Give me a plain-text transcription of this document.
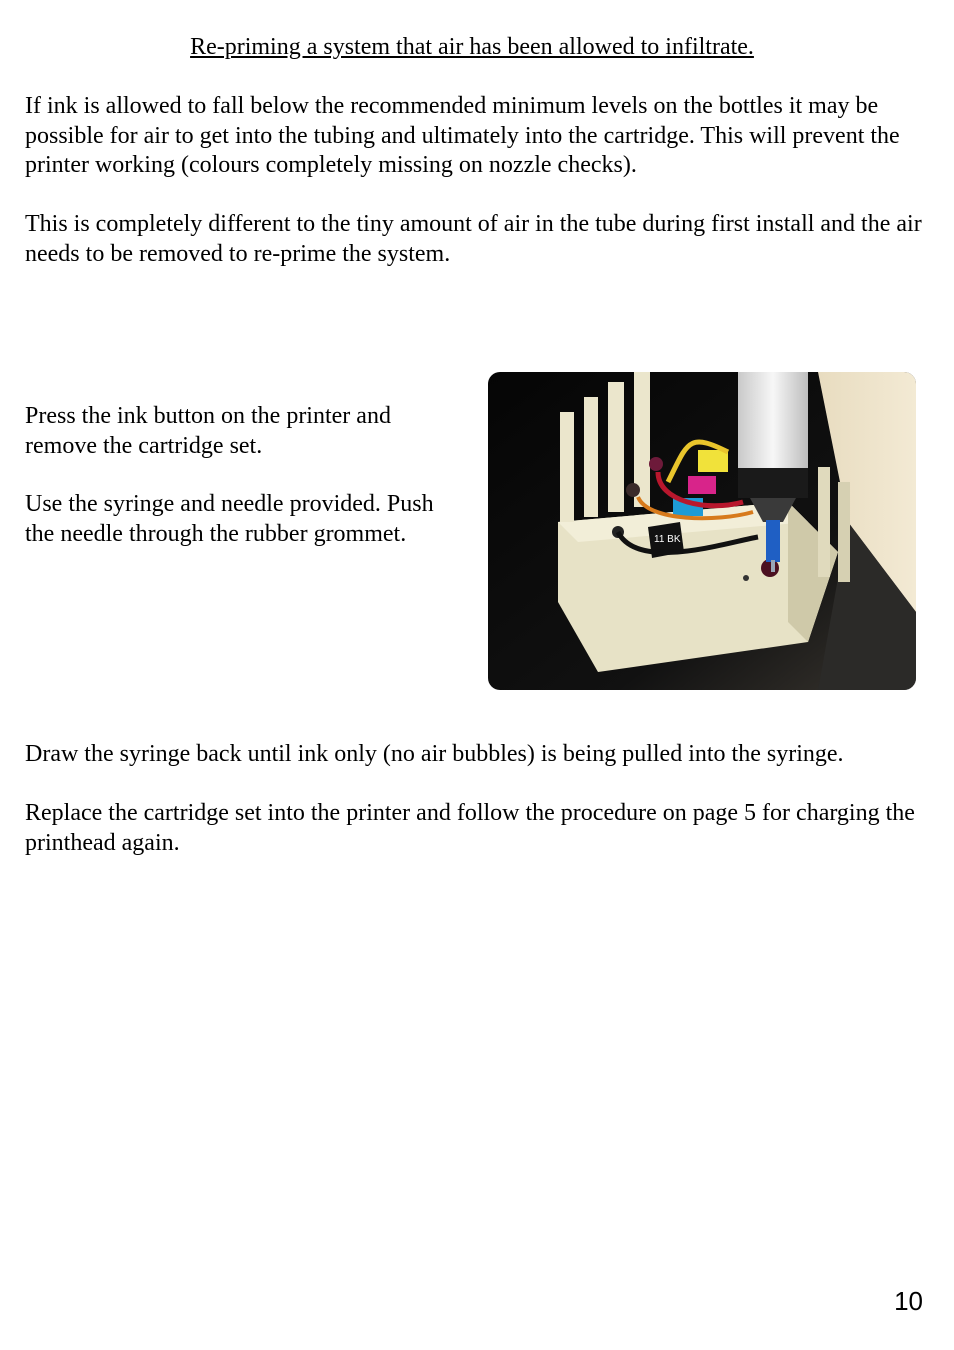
Re-priming a system that air has been allowed to infiltrate.

If ink is allowed to fall below the recommended minimum levels on the bottles it may be possible for air to get into the tubing and ultimately into the cartridge. This will prevent the printer working (colours completely missing on nozzle checks).

This is completely different to the tiny amount of air in the tube during first install and the air needs to be removed to re-prime the system.

Press the ink button on the printer and remove the cartridge set.

Use the syringe and needle provided. Push the needle through the rubber grommet.	11 BK

Draw the syringe back until ink only (no air bubbles) is being pulled into the syringe.

Replace the cartridge set into the printer and follow the procedure on page 5 for charging the printhead again.

10
